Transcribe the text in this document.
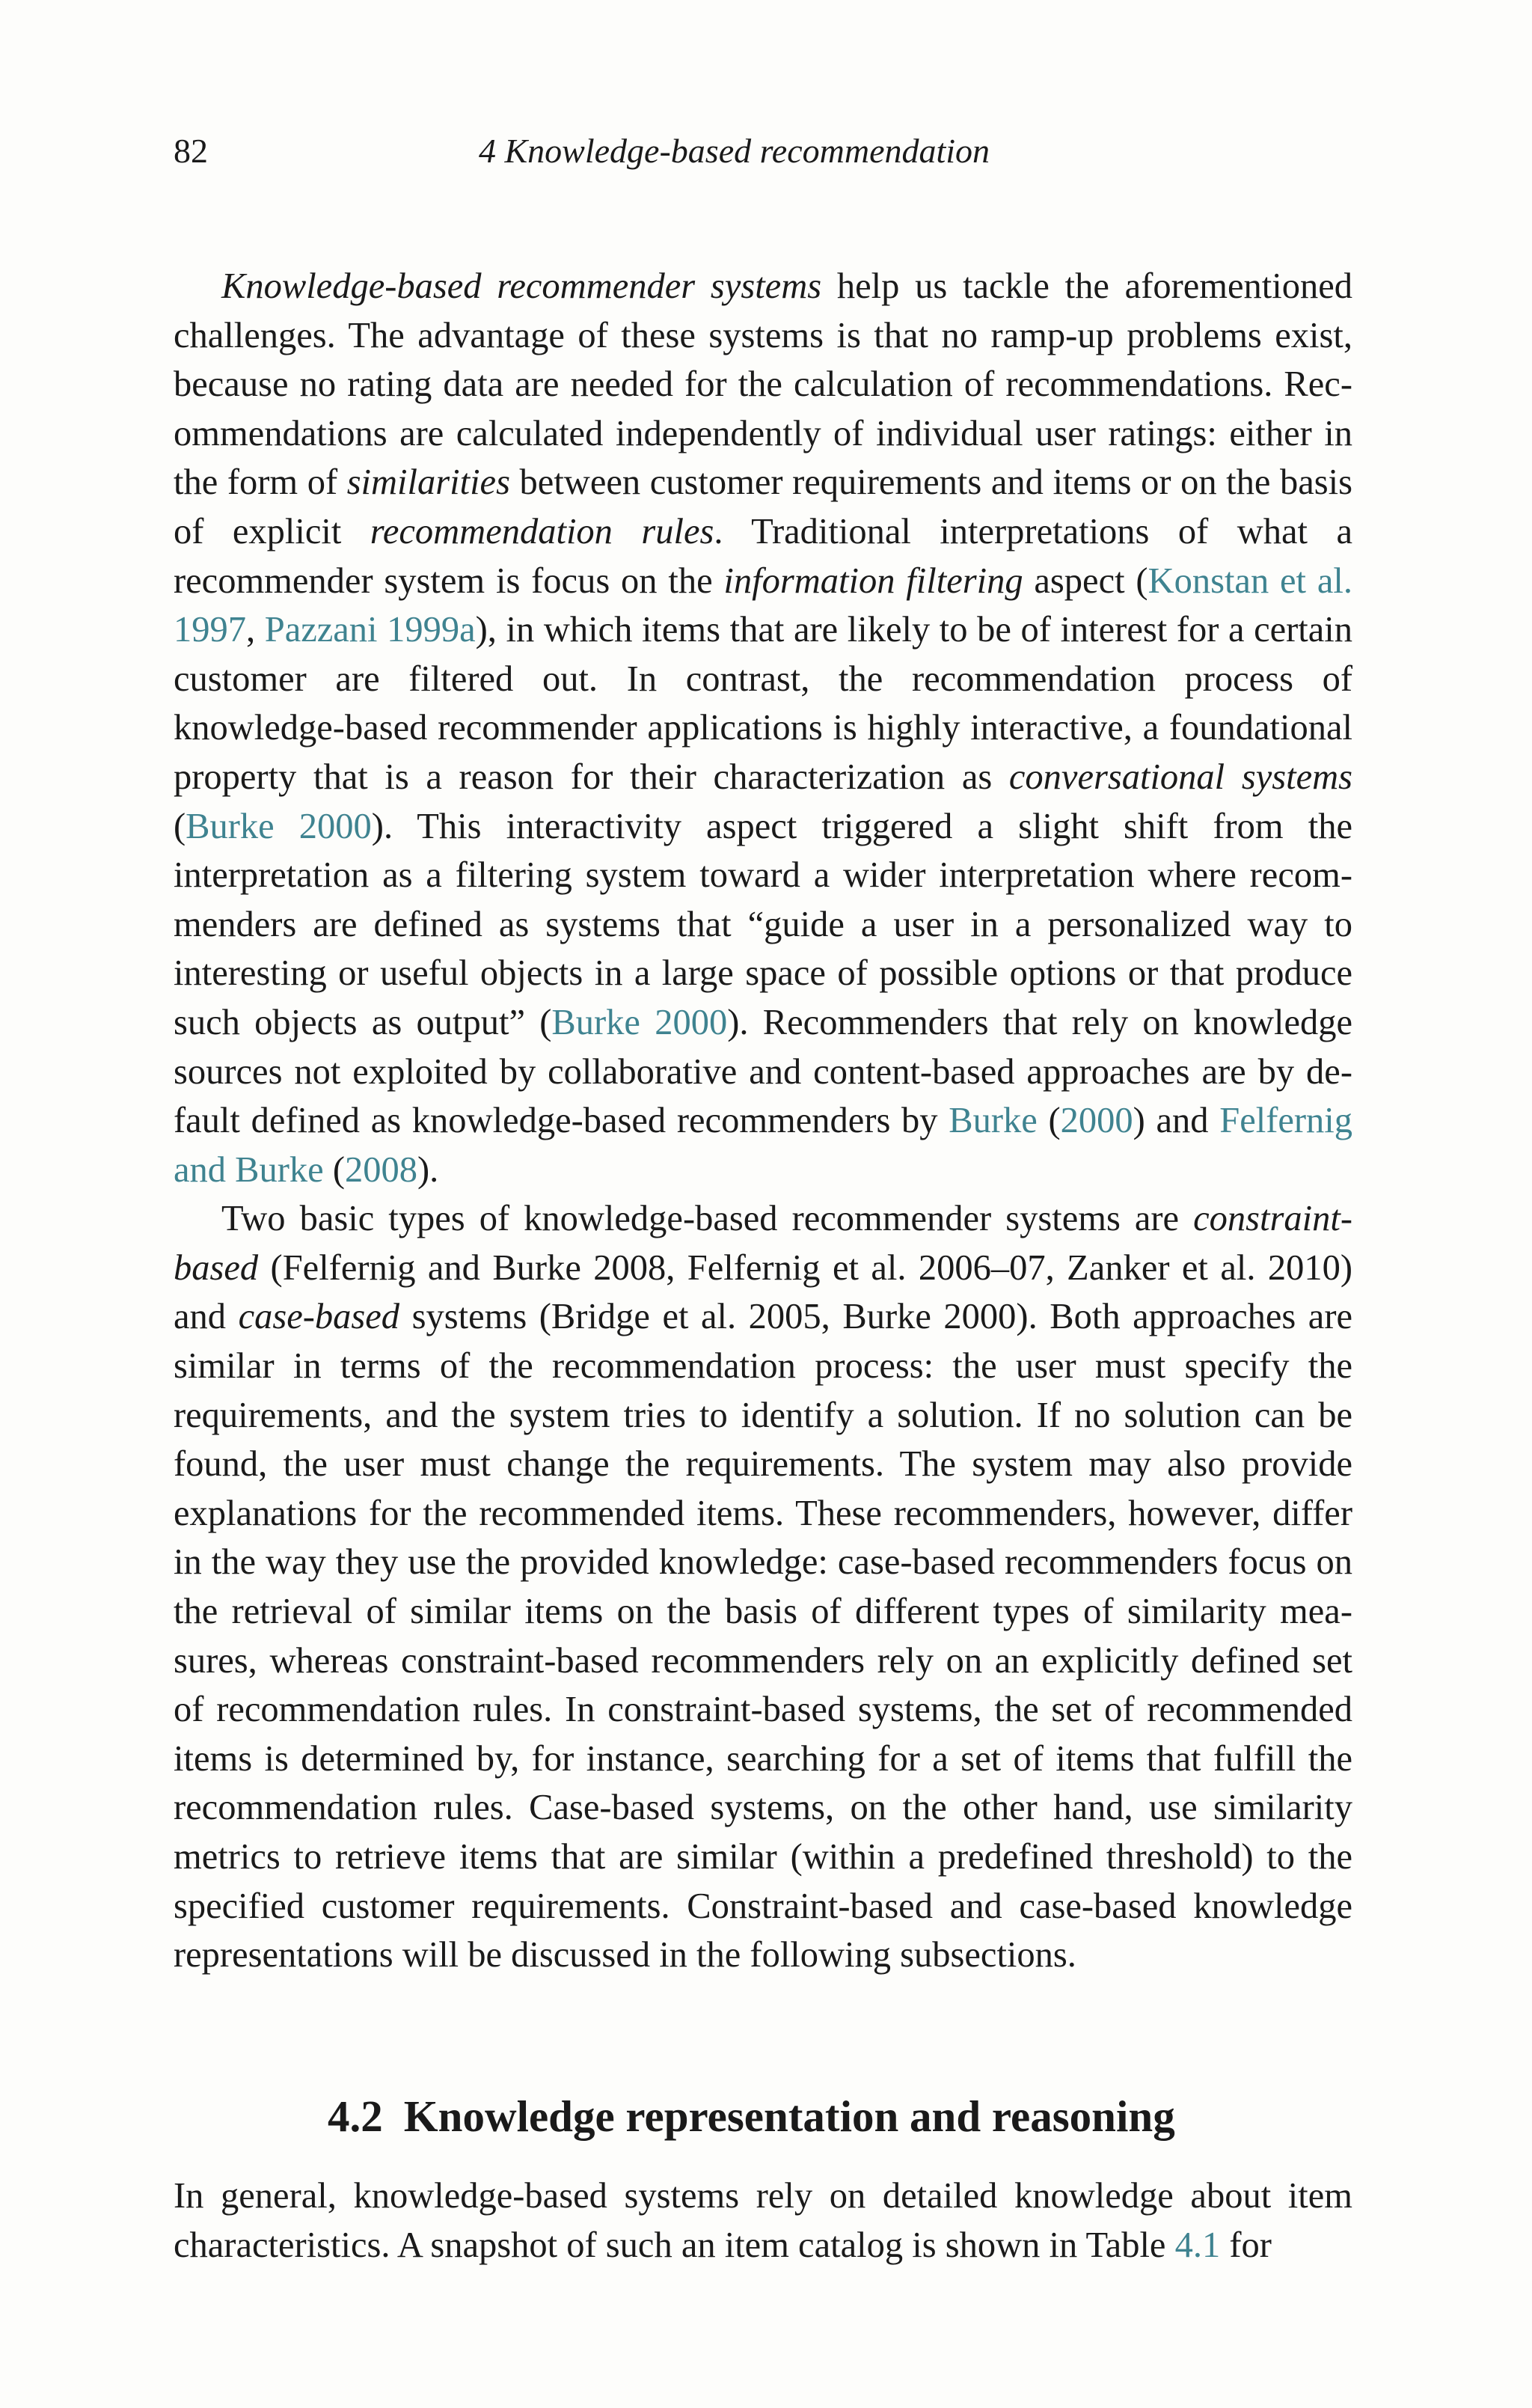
82	4 Knowledge-based recommendation

Knowledge-based recommender systems help us tackle the aforementioned challenges. The advantage of these systems is that no ramp-up problems exist, because no rating data are needed for the calculation of recommendations. Recommendations are calculated independently of individual user ratings: either in the form of similarities between customer requirements and items or on the basis of explicit recommendation rules. Traditional interpretations of what a recommender system is focus on the information filtering aspect (Konstan et al. 1997, Pazzani 1999a), in which items that are likely to be of interest for a certain customer are filtered out. In contrast, the recommendation process of knowledge-based recommender applications is highly interactive, a foundational property that is a reason for their characterization as conversational systems (Burke 2000). This interactivity aspect triggered a slight shift from the interpretation as a filtering system toward a wider interpretation where recommenders are defined as systems that “guide a user in a personalized way to interesting or useful objects in a large space of possible options or that produce such objects as output” (Burke 2000). Recommenders that rely on knowledge sources not exploited by collaborative and content-based approaches are by default defined as knowledge-based recommenders by Burke (2000) and Felfernig and Burke (2008).

Two basic types of knowledge-based recommender systems are constraint-based (Felfernig and Burke 2008, Felfernig et al. 2006–07, Zanker et al. 2010) and case-based systems (Bridge et al. 2005, Burke 2000). Both approaches are similar in terms of the recommendation process: the user must specify the requirements, and the system tries to identify a solution. If no solution can be found, the user must change the requirements. The system may also provide explanations for the recommended items. These recommenders, however, differ in the way they use the provided knowledge: case-based recommenders focus on the retrieval of similar items on the basis of different types of similarity measures, whereas constraint-based recommenders rely on an explicitly defined set of recommendation rules. In constraint-based systems, the set of recommended items is determined by, for instance, searching for a set of items that fulfill the recommendation rules. Case-based systems, on the other hand, use similarity metrics to retrieve items that are similar (within a predefined threshold) to the specified customer requirements. Constraint-based and case-based knowledge representations will be discussed in the following subsections.

4.2 Knowledge representation and reasoning

In general, knowledge-based systems rely on detailed knowledge about item characteristics. A snapshot of such an item catalog is shown in Table 4.1 for
